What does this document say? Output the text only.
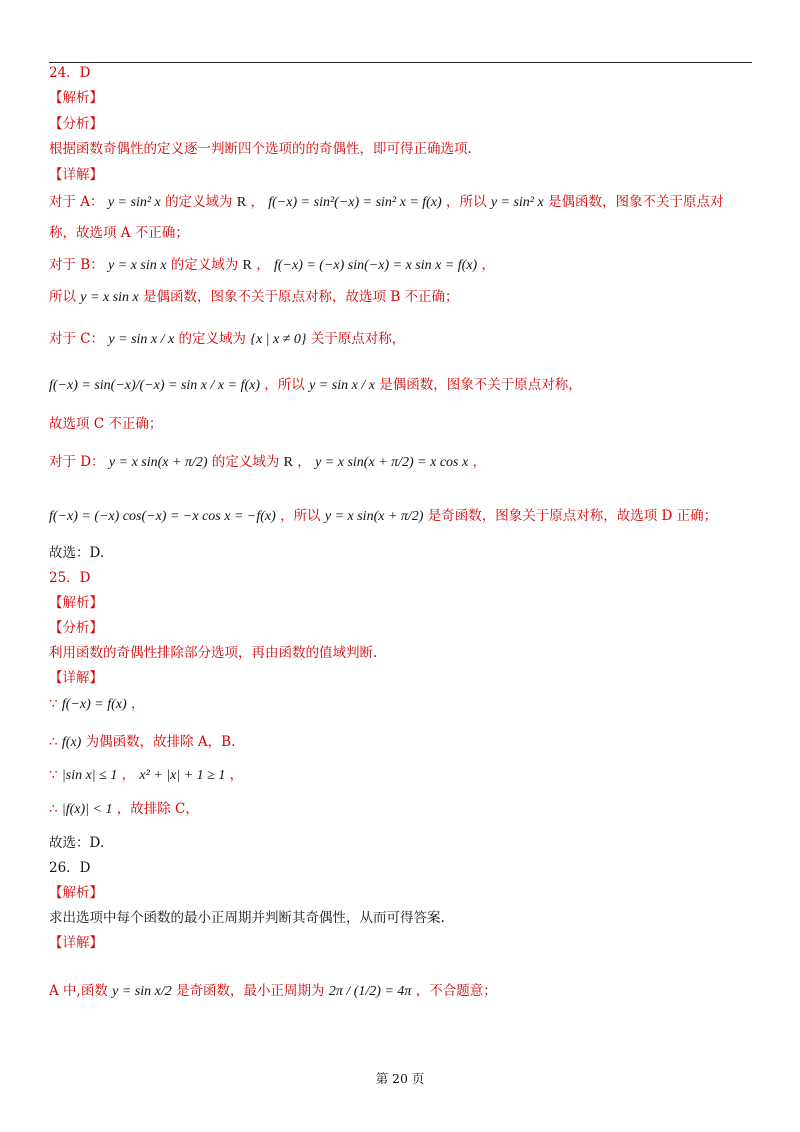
24．D
【解析】
【分析】
根据函数奇偶性的定义逐一判断四个选项的的奇偶性，即可得正确选项.
【详解】
对于 A： y = sin² x 的定义域为 R ， f(−x) = sin²(−x) = sin² x = f(x) ，所以 y = sin² x 是偶函数，图象不关于原点对
称，故选项 A 不正确；
对于 B： y = x sin x 的定义域为 R ， f(−x) = (−x) sin(−x) = x sin x = f(x) ，
所以 y = x sin x 是偶函数，图象不关于原点对称，故选项 B 不正确；
对于 C： y = sin x / x 的定义域为 {x | x ≠ 0} 关于原点对称，
f(−x) = sin(−x)/(−x) = sin x / x = f(x) ，所以 y = sin x / x 是偶函数，图象不关于原点对称，
故选项 C 不正确；
对于 D： y = x sin(x + π/2) 的定义域为 R ， y = x sin(x + π/2) = x cos x ，
f(−x) = (−x) cos(−x) = −x cos x = −f(x) ，所以 y = x sin(x + π/2) 是奇函数，图象关于原点对称，故选项 D 正确；
故选：D.
25．D
【解析】
【分析】
利用函数的奇偶性排除部分选项，再由函数的值域判断.
【详解】
∵ f(−x) = f(x) ，
∴ f(x) 为偶函数，故排除 A，B.
∵ |sin x| ≤ 1 ， x² + |x| + 1 ≥ 1 ，
∴ |f(x)| < 1 ，故排除 C，
故选：D.
26．D
【解析】
求出选项中每个函数的最小正周期并判断其奇偶性，从而可得答案.
【详解】
A 中,函数 y = sin x/2 是奇函数，最小正周期为 2π / (1/2) = 4π ，不合题意；
第 20 页
